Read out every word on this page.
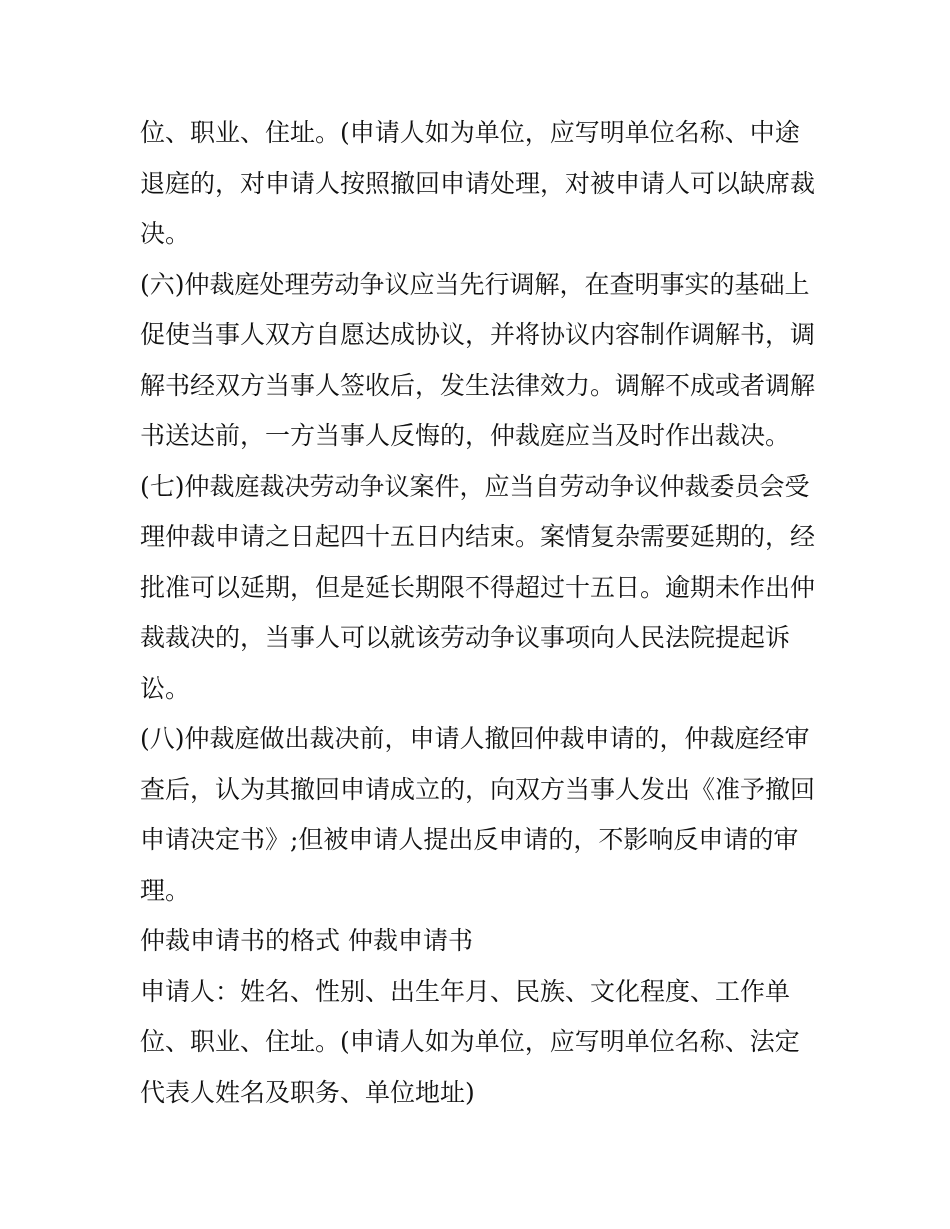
位、职业、住址。(申请人如为单位，应写明单位名称、中途
退庭的，对申请人按照撤回申请处理，对被申请人可以缺席裁
决。
(六)仲裁庭处理劳动争议应当先行调解，在查明事实的基础上
促使当事人双方自愿达成协议，并将协议内容制作调解书，调
解书经双方当事人签收后，发生法律效力。调解不成或者调解
书送达前，一方当事人反悔的，仲裁庭应当及时作出裁决。
(七)仲裁庭裁决劳动争议案件，应当自劳动争议仲裁委员会受
理仲裁申请之日起四十五日内结束。案情复杂需要延期的，经
批准可以延期，但是延长期限不得超过十五日。逾期未作出仲
裁裁决的，当事人可以就该劳动争议事项向人民法院提起诉
讼。
(八)仲裁庭做出裁决前，申请人撤回仲裁申请的，仲裁庭经审
查后，认为其撤回申请成立的，向双方当事人发出《准予撤回
申请决定书》;但被申请人提出反申请的，不影响反申请的审
理。
仲裁申请书的格式 仲裁申请书
申请人：姓名、性别、出生年月、民族、文化程度、工作单
位、职业、住址。(申请人如为单位，应写明单位名称、法定
代表人姓名及职务、单位地址)
